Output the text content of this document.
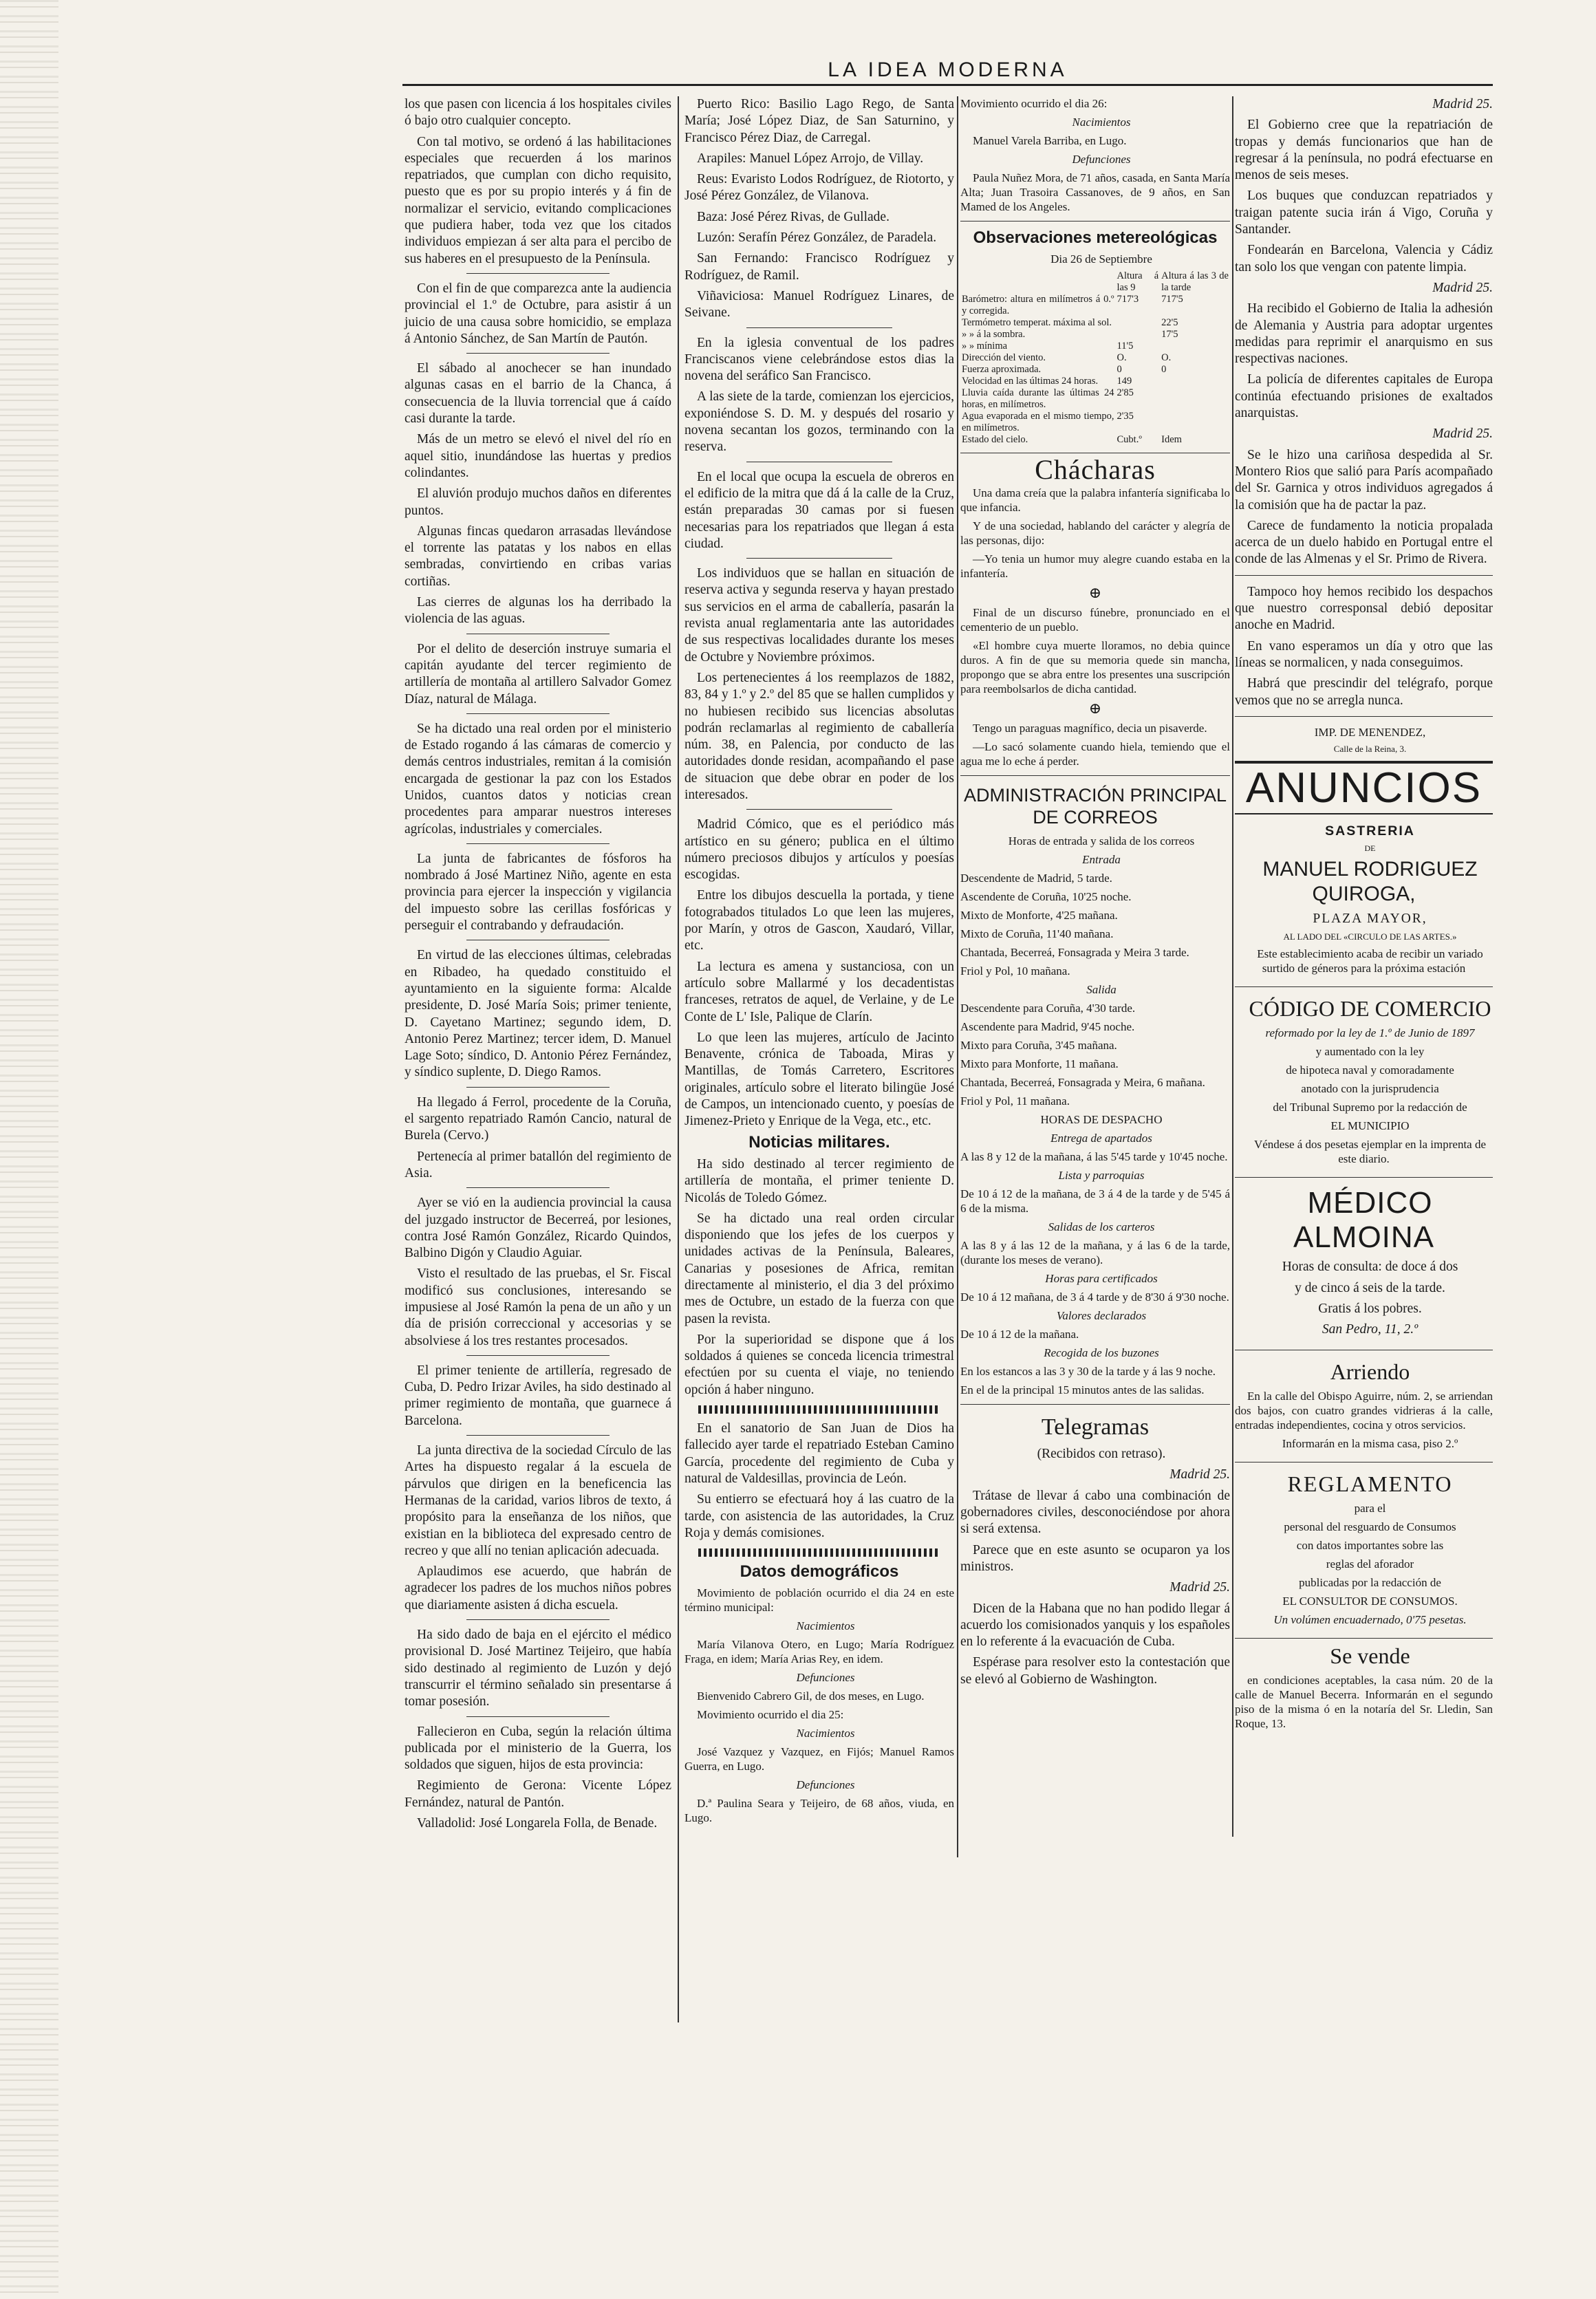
LA IDEA MODERNA

los que pasen con licencia á los hospitales civiles ó bajo otro cualquier concepto.

Con tal motivo, se ordenó á las habilitaciones especiales que recuerden á los marinos repatriados, que cumplan con dicho requisito, puesto que es por su propio interés y á fin de normalizar el servicio, evitando complicaciones que pudiera haber, toda vez que los citados individuos empiezan á ser alta para el percibo de sus haberes en el presupuesto de la Península.

Con el fin de que comparezca ante la audiencia provincial el 1.º de Octubre, para asistir á un juicio de una causa sobre homicidio, se emplaza á Antonio Sánchez, de San Martín de Pautón.

El sábado al anochecer se han inundado algunas casas en el barrio de la Chanca, á consecuencia de la lluvia torrencial que á caído casi durante la tarde.

Más de un metro se elevó el nivel del río en aquel sitio, inundándose las huertas y predios colindantes.

El aluvión produjo muchos daños en diferentes puntos.

Algunas fincas quedaron arrasadas llevándose el torrente las patatas y los nabos en ellas sembradas, convirtiendo en cribas varias cortiñas.

Las cierres de algunas los ha derribado la violencia de las aguas.

Por el delito de deserción instruye sumaria el capitán ayudante del tercer regimiento de artillería de montaña al artillero Salvador Gomez Díaz, natural de Málaga.

Se ha dictado una real orden por el ministerio de Estado rogando á las cámaras de comercio y demás centros industriales, remitan á la comisión encargada de gestionar la paz con los Estados Unidos, cuantos datos y noticias crean procedentes para amparar nuestros intereses agrícolas, industriales y comerciales.

La junta de fabricantes de fósforos ha nombrado á José Martinez Niño, agente en esta provincia para ejercer la inspección y vigilancia del impuesto sobre las cerillas fosfóricas y perseguir el contrabando y defraudación.

En virtud de las elecciones últimas, celebradas en Ribadeo, ha quedado constituido el ayuntamiento en la siguiente forma: Alcalde presidente, D. José María Sois; primer teniente, D. Cayetano Martinez; segundo idem, D. Antonio Perez Martinez; tercer idem, D. Manuel Lage Soto; síndico, D. Antonio Pérez Fernández, y síndico suplente, D. Diego Ramos.

Ha llegado á Ferrol, procedente de la Coruña, el sargento repatriado Ramón Cancio, natural de Burela (Cervo.)

Pertenecía al primer batallón del regimiento de Asia.

Ayer se vió en la audiencia provincial la causa del juzgado instructor de Becerreá, por lesiones, contra José Ramón González, Ricardo Quindos, Balbino Digón y Claudio Aguiar.

Visto el resultado de las pruebas, el Sr. Fiscal modificó sus conclusiones, interesando se impusiese al José Ramón la pena de un año y un día de prisión correccional y accesorias y se absolviese á los tres restantes procesados.

El primer teniente de artillería, regresado de Cuba, D. Pedro Irizar Aviles, ha sido destinado al primer regimiento de montaña, que guarnece á Barcelona.

La junta directiva de la sociedad Círculo de las Artes ha dispuesto regalar á la escuela de párvulos que dirigen en la beneficencia las Hermanas de la caridad, varios libros de texto, á propósito para la enseñanza de los niños, que existian en la biblioteca del expresado centro de recreo y que allí no tenian aplicación adecuada.

Aplaudimos ese acuerdo, que habrán de agradecer los padres de los muchos niños pobres que diariamente asisten á dicha escuela.

Ha sido dado de baja en el ejército el médico provisional D. José Martinez Teijeiro, que había sido destinado al regimiento de Luzón y dejó transcurrir el término señalado sin presentarse á tomar posesión.

Fallecieron en Cuba, según la relación última publicada por el ministerio de la Guerra, los soldados que siguen, hijos de esta provincia:

Regimiento de Gerona: Vicente López Fernández, natural de Pantón.

Valladolid: José Longarela Folla, de Benade.

Puerto Rico: Basilio Lago Rego, de Santa María; José López Diaz, de San Saturnino, y Francisco Pérez Diaz, de Carregal.

Arapiles: Manuel López Arrojo, de Villay.

Reus: Evaristo Lodos Rodríguez, de Riotorto, y José Pérez González, de Vilanova.

Baza: José Pérez Rivas, de Gullade.

Luzón: Serafín Pérez González, de Paradela.

San Fernando: Francisco Rodríguez y Rodríguez, de Ramil.

Viñaviciosa: Manuel Rodríguez Linares, de Seivane.

En la iglesia conventual de los padres Franciscanos viene celebrándose estos dias la novena del seráfico San Francisco.

A las siete de la tarde, comienzan los ejercicios, exponiéndose S. D. M. y después del rosario y novena secantan los gozos, terminando con la reserva.

En el local que ocupa la escuela de obreros en el edificio de la mitra que dá á la calle de la Cruz, están preparadas 30 camas por si fuesen necesarias para los repatriados que llegan á esta ciudad.

Los individuos que se hallan en situación de reserva activa y segunda reserva y hayan prestado sus servicios en el arma de caballería, pasarán la revista anual reglamentaria ante las autoridades de sus respectivas localidades durante los meses de Octubre y Noviembre próximos.

Los pertenecientes á los reemplazos de 1882, 83, 84 y 1.º y 2.º del 85 que se hallen cumplidos y no hubiesen recibido sus licencias absolutas podrán reclamarlas al regimiento de caballería núm. 38, en Palencia, por conducto de las autoridades donde residan, acompañando el pase de situacion que debe obrar en poder de los interesados.

Madrid Cómico, que es el periódico más artístico en su género; publica en el último número preciosos dibujos y artículos y poesías escogidas.

Entre los dibujos descuella la portada, y tiene fotograbados titulados Lo que leen las mujeres, por Marín, y otros de Gascon, Xaudaró, Villar, etc.

La lectura es amena y sustanciosa, con un artículo sobre Mallarmé y los decadentistas franceses, retratos de aquel, de Verlaine, y de Le Conte de L' Isle, Palique de Clarín.

Lo que leen las mujeres, artículo de Jacinto Benavente, crónica de Taboada, Miras y Mantillas, de Tomás Carretero, Escritores originales, artículo sobre el literato bilingüe José de Campos, un intencionado cuento, y poesías de Jimenez-Prieto y Enrique de la Vega, etc., etc.

Noticias militares.

Ha sido destinado al tercer regimiento de artillería de montaña, el primer teniente D. Nicolás de Toledo Gómez.

Se ha dictado una real orden circular disponiendo que los jefes de los cuerpos y unidades activas de la Península, Baleares, Canarias y posesiones de Africa, remitan directamente al ministerio, el dia 3 del próximo mes de Octubre, un estado de la fuerza con que pasen la revista.

Por la superioridad se dispone que á los soldados á quienes se conceda licencia trimestral efectúen por su cuenta el viaje, no teniendo opción á haber ninguno.

En el sanatorio de San Juan de Dios ha fallecido ayer tarde el repatriado Esteban Camino García, procedente del regimiento de Cuba y natural de Valdesillas, provincia de León.

Su entierro se efectuará hoy á las cuatro de la tarde, con asistencia de las autoridades, la Cruz Roja y demás comisiones.

Datos demográficos

Movimiento de población ocurrido el dia 24 en este término municipal:

Nacimientos

María Vilanova Otero, en Lugo; María Rodríguez Fraga, en idem; María Arias Rey, en idem.

Defunciones

Bienvenido Cabrero Gil, de dos meses, en Lugo.

Movimiento ocurrido el dia 25:

Nacimientos

José Vazquez y Vazquez, en Fijós; Manuel Ramos Guerra, en Lugo.

Defunciones

D.ª Paulina Seara y Teijeiro, de 68 años, viuda, en Lugo.

Movimiento ocurrido el dia 26:

Nacimientos

Manuel Varela Barriba, en Lugo.

Defunciones

Paula Nuñez Mora, de 71 años, casada, en Santa María Alta; Juan Trasoira Cassanoves, de 9 años, en San Mamed de los Angeles.

Observaciones metereológicas

Dia 26 de Septiembre

	Altura á las 9	Altura á las 3 de la tarde
Barómetro: altura en milímetros á 0.º y corregida.	717'3	717'5
Termómetro temperat. máxima al sol.		22'5
» » á la sombra.		17'5
» » mínima	11'5	
Dirección del viento.	O.	O.
Fuerza aproximada.	0	0
Velocidad en las últimas 24 horas.	149	
Lluvia caída durante las últimas 24 horas, en milímetros.	2'85	
Agua evaporada en el mismo tiempo, en milímetros.	2'35	
Estado del cielo.	Cubt.º	Idem
Chácharas

Una dama creía que la palabra infantería significaba lo que infancia.

Y de una sociedad, hablando del carácter y alegría de las personas, dijo:

—Yo tenia un humor muy alegre cuando estaba en la infantería.

⊕

Final de un discurso fúnebre, pronunciado en el cementerio de un pueblo.

«El hombre cuya muerte lloramos, no debia quince duros. A fin de que su memoria quede sin mancha, propongo que se abra entre los presentes una suscripción para reembolsarlos de dicha cantidad.

⊕

Tengo un paraguas magnífico, decia un pisaverde.

—Lo sacó solamente cuando hiela, temiendo que el agua me lo eche á perder.

ADMINISTRACIÓN PRINCIPAL DE CORREOS

Horas de entrada y salida de los correos

Entrada

Descendente de Madrid, 5 tarde.

Ascendente de Coruña, 10'25 noche.

Mixto de Monforte, 4'25 mañana.

Mixto de Coruña, 11'40 mañana.

Chantada, Becerreá, Fonsagrada y Meira 3 tarde.

Friol y Pol, 10 mañana.

Salida

Descendente para Coruña, 4'30 tarde.

Ascendente para Madrid, 9'45 noche.

Mixto para Coruña, 3'45 mañana.

Mixto para Monforte, 11 mañana.

Chantada, Becerreá, Fonsagrada y Meira, 6 mañana.

Friol y Pol, 11 mañana.

HORAS DE DESPACHO

Entrega de apartados

A las 8 y 12 de la mañana, á las 5'45 tarde y 10'45 noche.

Lista y parroquias

De 10 á 12 de la mañana, de 3 á 4 de la tarde y de 5'45 á 6 de la misma.

Salidas de los carteros

A las 8 y á las 12 de la mañana, y á las 6 de la tarde, (durante los meses de verano).

Horas para certificados

De 10 á 12 mañana, de 3 á 4 tarde y de 8'30 á 9'30 noche.

Valores declarados

De 10 á 12 de la mañana.

Recogida de los buzones

En los estancos a las 3 y 30 de la tarde y á las 9 noche.

En el de la principal 15 minutos antes de las salidas.

Telegramas

(Recibidos con retraso).

Madrid 25.

Trátase de llevar á cabo una combinación de gobernadores civiles, desconociéndose por ahora si será extensa.

Parece que en este asunto se ocuparon ya los ministros.

Madrid 25.

Dicen de la Habana que no han podido llegar á acuerdo los comisionados yanquis y los españoles en lo referente á la evacuación de Cuba.

Espérase para resolver esto la contestación que se elevó al Gobierno de Washington.

Madrid 25.

El Gobierno cree que la repatriación de tropas y demás funcionarios que han de regresar á la península, no podrá efectuarse en menos de seis meses.

Los buques que conduzcan repatriados y traigan patente sucia irán á Vigo, Coruña y Santander.

Fondearán en Barcelona, Valencia y Cádiz tan solo los que vengan con patente limpia.

Madrid 25.

Ha recibido el Gobierno de Italia la adhesión de Alemania y Austria para adoptar urgentes medidas para reprimir el anarquismo en sus respectivas naciones.

La policía de diferentes capitales de Europa continúa efectuando prisiones de exaltados anarquistas.

Madrid 25.

Se le hizo una cariñosa despedida al Sr. Montero Rios que salió para París acompañado del Sr. Garnica y otros individuos agregados á la comisión que ha de pactar la paz.

Carece de fundamento la noticia propalada acerca de un duelo habido en Portugal entre el conde de las Almenas y el Sr. Primo de Rivera.

Tampoco hoy hemos recibido los despachos que nuestro corresponsal debió depositar anoche en Madrid.

En vano esperamos un día y otro que las líneas se normalicen, y nada conseguimos.

Habrá que prescindir del telégrafo, porque vemos que no se arregla nunca.

IMP. DE MENENDEZ,

Calle de la Reina, 3.

ANUNCIOS

SASTRERIA

DE

MANUEL RODRIGUEZ QUIROGA,

PLAZA MAYOR,

AL LADO DEL «CIRCULO DE LAS ARTES.»

Este establecimiento acaba de recibir un variado surtido de géneros para la próxima estación

CÓDIGO DE COMERCIO

reformado por la ley de 1.º de Junio de 1897

y aumentado con la ley

de hipoteca naval y comoradamente

anotado con la jurisprudencia

del Tribunal Supremo por la redacción de

EL MUNICIPIO

Véndese á dos pesetas ejemplar en la imprenta de este diario.

MÉDICO ALMOINA

Horas de consulta: de doce á dos

y de cinco á seis de la tarde.

Gratis á los pobres.

San Pedro, 11, 2.º

Arriendo

En la calle del Obispo Aguirre, núm. 2, se arriendan dos bajos, con cuatro grandes vidrieras á la calle, entradas independientes, cocina y otros servicios.

Informarán en la misma casa, piso 2.º

REGLAMENTO

para el

personal del resguardo de Consumos

con datos importantes sobre las

reglas del aforador

publicadas por la redacción de

EL CONSULTOR DE CONSUMOS.

Un volúmen encuadernado, 0'75 pesetas.

Se vende

en condiciones aceptables, la casa núm. 20 de la calle de Manuel Becerra. Informarán en el segundo piso de la misma ó en la notaría del Sr. Lledin, San Roque, 13.
